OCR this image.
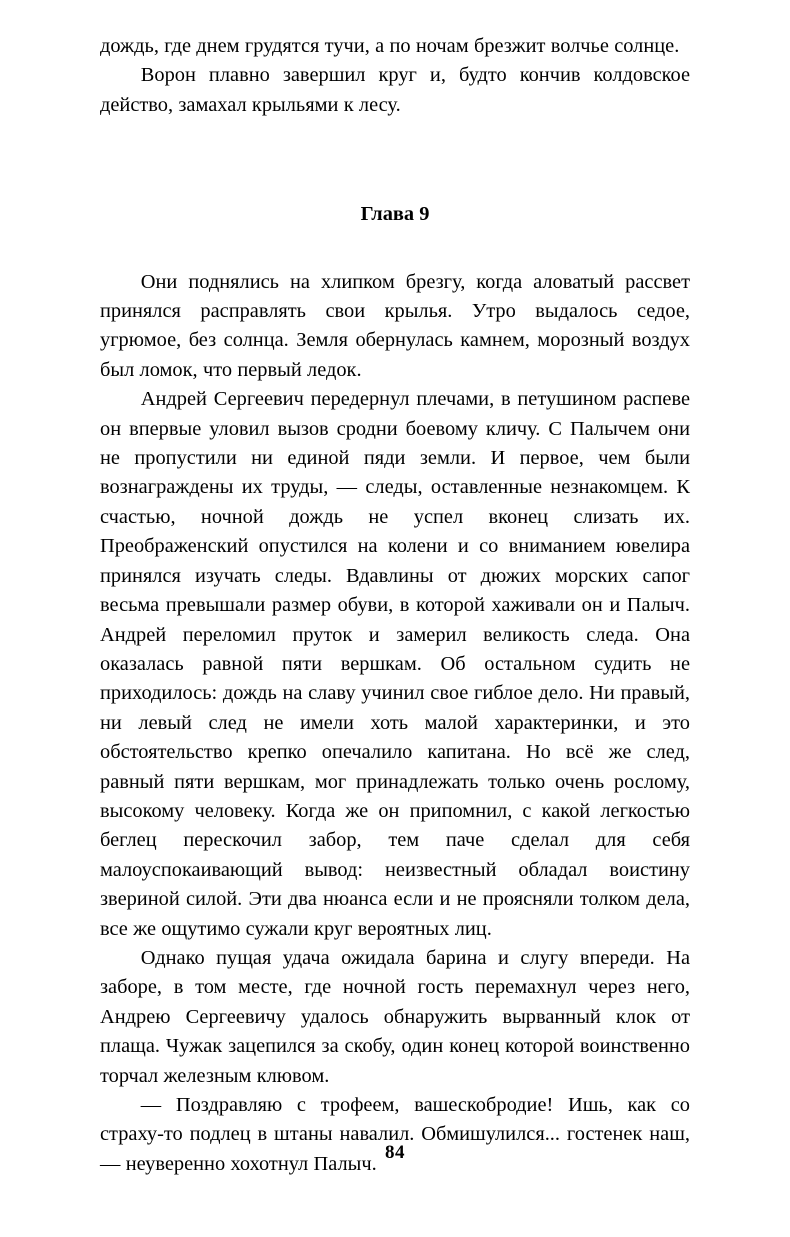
дождь, где днем грудятся тучи, а по ночам брезжит волчье солнце.

Ворон плавно завершил круг и, будто кончив колдовское действо, замахал крыльями к лесу.

Глава 9

Они поднялись на хлипком брезгу, когда аловатый рассвет принялся расправлять свои крылья. Утро выдалось седое, угрюмое, без солнца. Земля обернулась камнем, морозный воздух был ломок, что первый ледок.

Андрей Сергеевич передернул плечами, в петушином распеве он впервые уловил вызов сродни боевому кличу. С Палычем они не пропустили ни единой пяди земли. И первое, чем были вознаграждены их труды, — следы, оставленные незнакомцем. К счастью, ночной дождь не успел вконец слизать их. Преображенский опустился на колени и со вниманием ювелира принялся изучать следы. Вдавлины от дюжих морских сапог весьма превышали размер обуви, в которой хаживали он и Палыч. Андрей переломил пруток и замерил великость следа. Она оказалась равной пяти вершкам. Об остальном судить не приходилось: дождь на славу учинил свое гиблое дело. Ни правый, ни левый след не имели хоть малой характеринки, и это обстоятельство крепко опечалило капитана. Но всё же след, равный пяти вершкам, мог принадлежать только очень рослому, высокому человеку. Когда же он припомнил, с какой легкостью беглец перескочил забор, тем паче сделал для себя малоуспокаивающий вывод: неизвестный обладал воистину звериной силой. Эти два нюанса если и не проясняли толком дела, все же ощутимо сужали круг вероятных лиц.

Однако пущая удача ожидала барина и слугу впереди. На заборе, в том месте, где ночной гость перемахнул через него, Андрею Сергеевичу удалось обнаружить вырванный клок от плаща. Чужак зацепился за скобу, один конец которой воинственно торчал железным клювом.

— Поздравляю с трофеем, вашескобродие! Ишь, как со страху-то подлец в штаны навалил. Обмишулился... гостенек наш, — неуверенно хохотнул Палыч.

84
